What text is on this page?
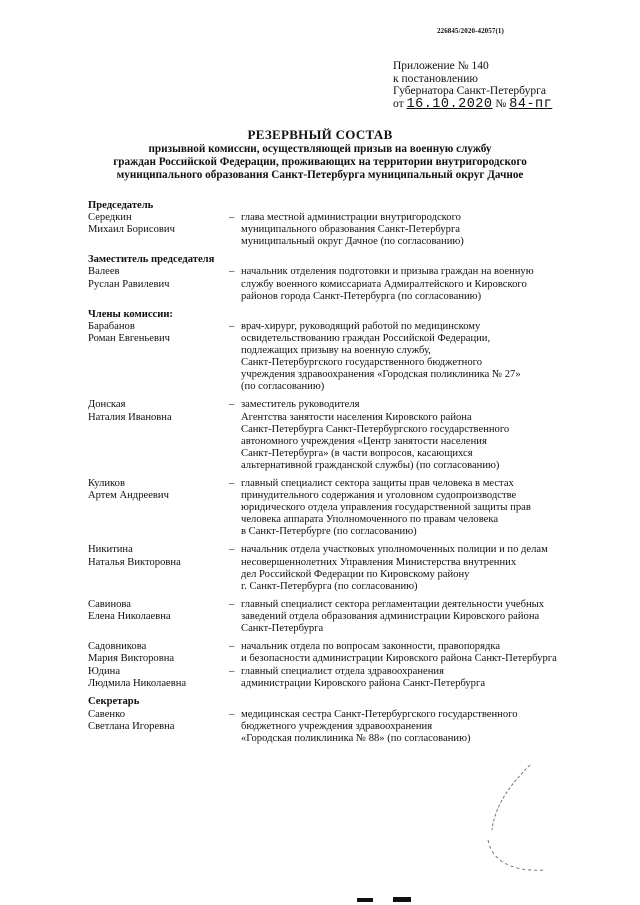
226845/2020-42057(1)
Приложение № 140
к постановлению
Губернатора Санкт-Петербурга
от 16.10.2020 № 84-пг
РЕЗЕРВНЫЙ СОСТАВ
призывной комиссии, осуществляющей призыв на военную службу
граждан Российской Федерации, проживающих на территории внутригородского
муниципального образования Санкт-Петербурга муниципальный округ Дачное
Председатель
Середкин
Михаил Борисович
– глава местной администрации внутригородского
муниципального образования Санкт-Петербурга
муниципальный округ Дачное (по согласованию)
Заместитель председателя
Валеев
Руслан Равилевич
– начальник отделения подготовки и призыва граждан на военную
службу военного комиссариата Адмиралтейского и Кировского
районов города Санкт-Петербурга (по согласованию)
Члены комиссии:
Барабанов
Роман Евгеньевич
– врач-хирург, руководящий работой по медицинскому
освидетельствованию граждан Российской Федерации,
подлежащих призыву на военную службу,
Санкт-Петербургского государственного бюджетного
учреждения здравоохранения «Городская поликлиника № 27»
(по согласованию)
Донская
Наталия Ивановна
– заместитель руководителя
Агентства занятости населения Кировского района
Санкт-Петербурга Санкт-Петербургского государственного
автономного учреждения «Центр занятости населения
Санкт-Петербурга» (в части вопросов, касающихся
альтернативной гражданской службы) (по согласованию)
Куликов
Артем Андреевич
– главный специалист сектора защиты прав человека в местах
принудительного содержания и уголовном судопроизводстве
юридического отдела управления государственной защиты прав
человека аппарата Уполномоченного по правам человека
в Санкт-Петербурге (по согласованию)
Никитина
Наталья Викторовна
– начальник отдела участковых уполномоченных полиции и по делам
несовершеннолетних Управления Министерства внутренних
дел Российской Федерации по Кировскому району
г. Санкт-Петербурга (по согласованию)
Савинова
Елена Николаевна
– главный специалист сектора регламентации деятельности учебных
заведений отдела образования администрации Кировского района
Санкт-Петербурга
Садовникова
Мария Викторовна
– начальник отдела по вопросам законности, правопорядка
и безопасности администрации Кировского района Санкт-Петербурга
Юдина
Людмила Николаевна
– главный специалист отдела здравоохранения
администрации Кировского района Санкт-Петербурга
Секретарь
Савенко
Светлана Игоревна
– медицинская сестра Санкт-Петербургского государственного
бюджетного учреждения здравоохранения
«Городская поликлиника № 88» (по согласованию)
